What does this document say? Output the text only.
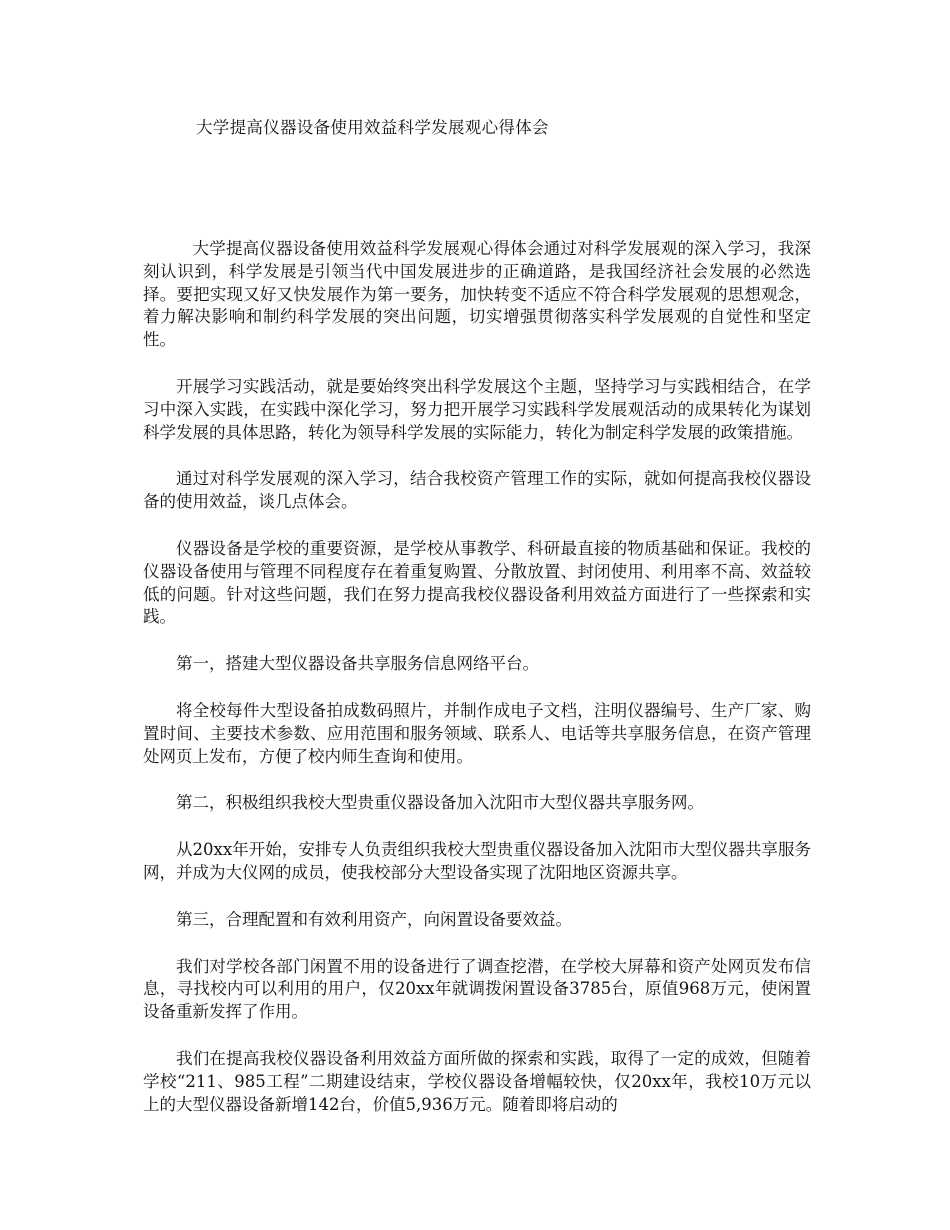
大学提高仪器设备使用效益科学发展观心得体会

大学提高仪器设备使用效益科学发展观心得体会通过对科学发展观的深入学习，我深刻认识到，科学发展是引领当代中国发展进步的正确道路，是我国经济社会发展的必然选择。要把实现又好又快发展作为第一要务，加快转变不适应不符合科学发展观的思想观念，着力解决影响和制约科学发展的突出问题，切实增强贯彻落实科学发展观的自觉性和坚定性。

开展学习实践活动，就是要始终突出科学发展这个主题，坚持学习与实践相结合，在学习中深入实践，在实践中深化学习，努力把开展学习实践科学发展观活动的成果转化为谋划科学发展的具体思路，转化为领导科学发展的实际能力，转化为制定科学发展的政策措施。

通过对科学发展观的深入学习，结合我校资产管理工作的实际，就如何提高我校仪器设备的使用效益，谈几点体会。

仪器设备是学校的重要资源，是学校从事教学、科研最直接的物质基础和保证。我校的仪器设备使用与管理不同程度存在着重复购置、分散放置、封闭使用、利用率不高、效益较低的问题。针对这些问题，我们在努力提高我校仪器设备利用效益方面进行了一些探索和实践。

第一，搭建大型仪器设备共享服务信息网络平台。

将全校每件大型设备拍成数码照片，并制作成电子文档，注明仪器编号、生产厂家、购置时间、主要技术参数、应用范围和服务领域、联系人、电话等共享服务信息，在资产管理处网页上发布，方便了校内师生查询和使用。

第二，积极组织我校大型贵重仪器设备加入沈阳市大型仪器共享服务网。

从20xx年开始，安排专人负责组织我校大型贵重仪器设备加入沈阳市大型仪器共享服务网，并成为大仪网的成员，使我校部分大型设备实现了沈阳地区资源共享。

第三，合理配置和有效利用资产，向闲置设备要效益。

我们对学校各部门闲置不用的设备进行了调查挖潜，在学校大屏幕和资产处网页发布信息，寻找校内可以利用的用户，仅20xx年就调拨闲置设备3785台，原值968万元，使闲置设备重新发挥了作用。

我们在提高我校仪器设备利用效益方面所做的探索和实践，取得了一定的成效，但随着学校“211、985工程”二期建设结束，学校仪器设备增幅较快，仅20xx年，我校10万元以上的大型仪器设备新增142台，价值5,936万元。随着即将启动的
